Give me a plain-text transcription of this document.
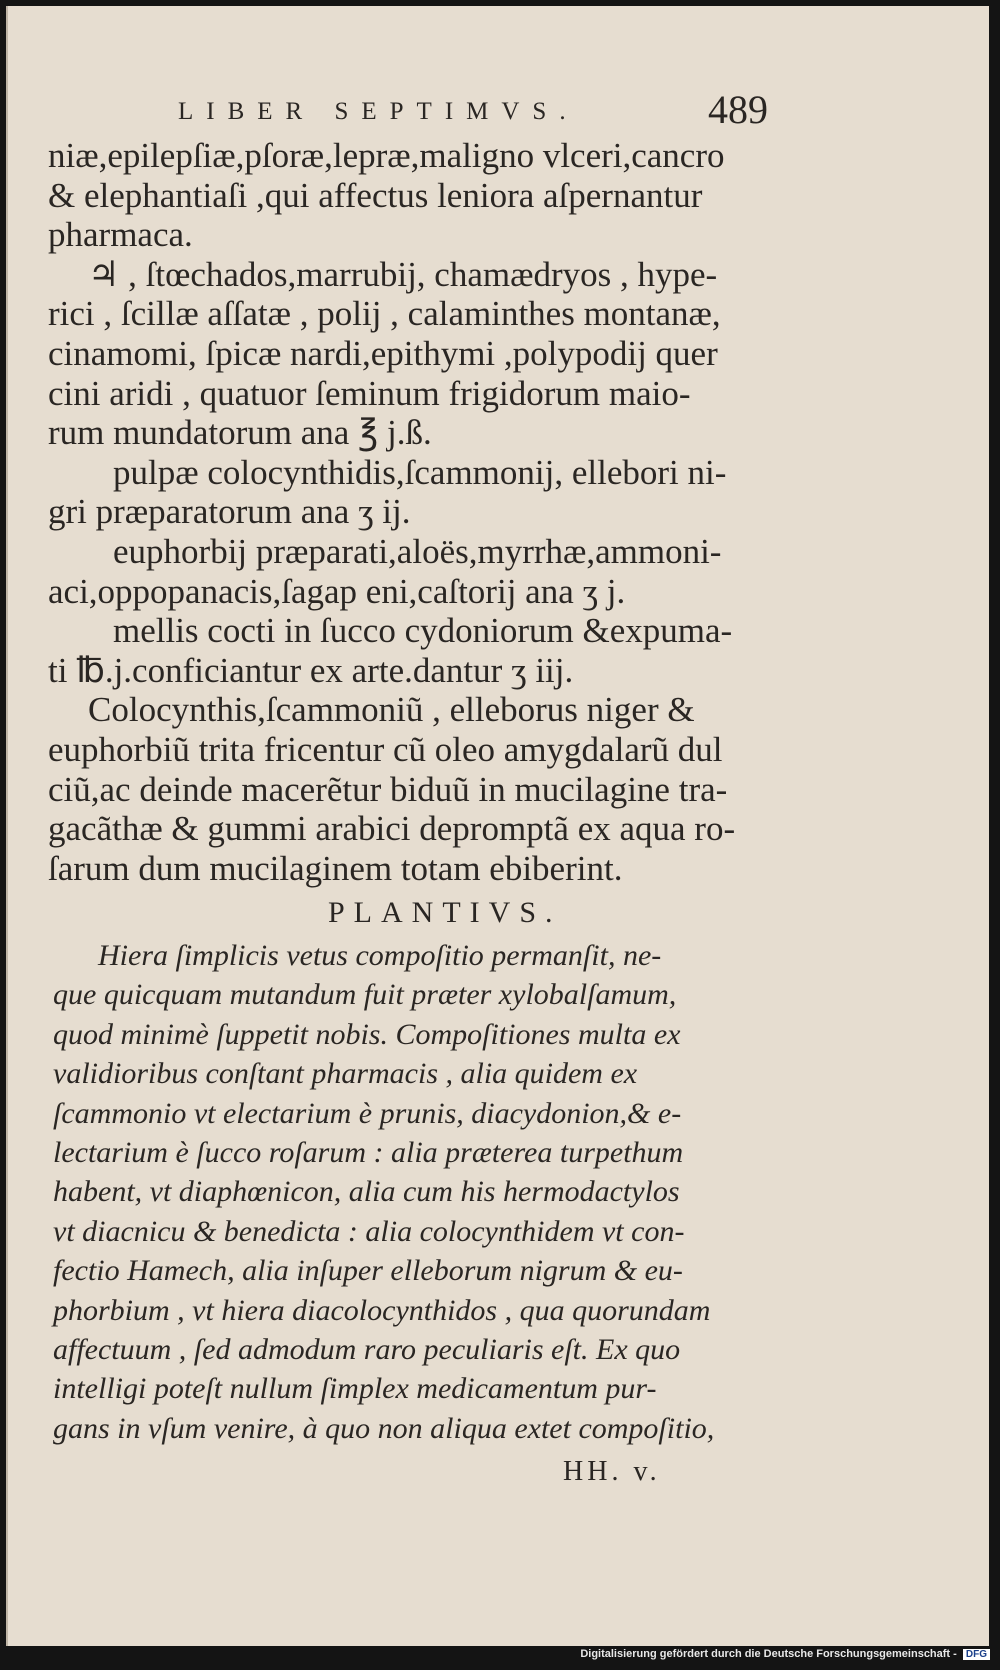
LIBER SEPTIMVS.	489
niæ,epilepſiæ,pſoræ,lepræ,maligno vlceri,cancro
& elephantiaſi ,qui affectus leniora aſpernantur
pharmaca.
♃ , ſtœchados,marrubij, chamædryos , hype-
rici , ſcillæ aſſatæ , polij , calaminthes montanæ,
cinamomi, ſpicæ nardi,epithymi ,polypodij quer
cini aridi , quatuor ſeminum frigidorum maio-
rum mundatorum ana ℥ j.ß.
pulpæ colocynthidis,ſcammonij, ellebori ni-
gri præparatorum ana ʒ ij.
euphorbij præparati,aloës,myrrhæ,ammoni-
aci,oppopanacis,ſagap eni,caſtorij ana ʒ j.
mellis cocti in ſucco cydoniorum &expuma-
ti ℔.j.conficiantur ex arte.dantur ʒ iij.
Colocynthis,ſcammoniũ , elleborus niger &
euphorbiũ trita fricentur cũ oleo amygdalarũ dul
ciũ,ac deinde macerẽtur biduũ in mucilagine tra-
gacãthæ & gummi arabici depromptã ex aqua ro-
ſarum dum mucilaginem totam ebiberint.
PLANTIVS.
Hiera ſimplicis vetus compoſitio permanſit, ne-
que quicquam mutandum fuit præter xylobalſamum,
quod minimè ſuppetit nobis. Compoſitiones multa ex
validioribus conſtant pharmacis , alia quidem ex
ſcammonio vt electarium è prunis, diacydonion,& e-
lectarium è ſucco roſarum : alia præterea turpethum
habent, vt diaphœnicon, alia cum his hermodactylos
vt diacnicu & benedicta : alia colocynthidem vt con-
fectio Hamech, alia inſuper elleborum nigrum & eu-
phorbium , vt hiera diacolocynthidos , qua quorundam
affectuum , ſed admodum raro peculiaris eſt. Ex quo
intelligi poteſt nullum ſimplex medicamentum pur-
gans in vſum venire, à quo non aliqua extet compoſitio,
HH. v.
Digitalisierung gefördert durch die Deutsche Forschungsgemeinschaft - DFG
